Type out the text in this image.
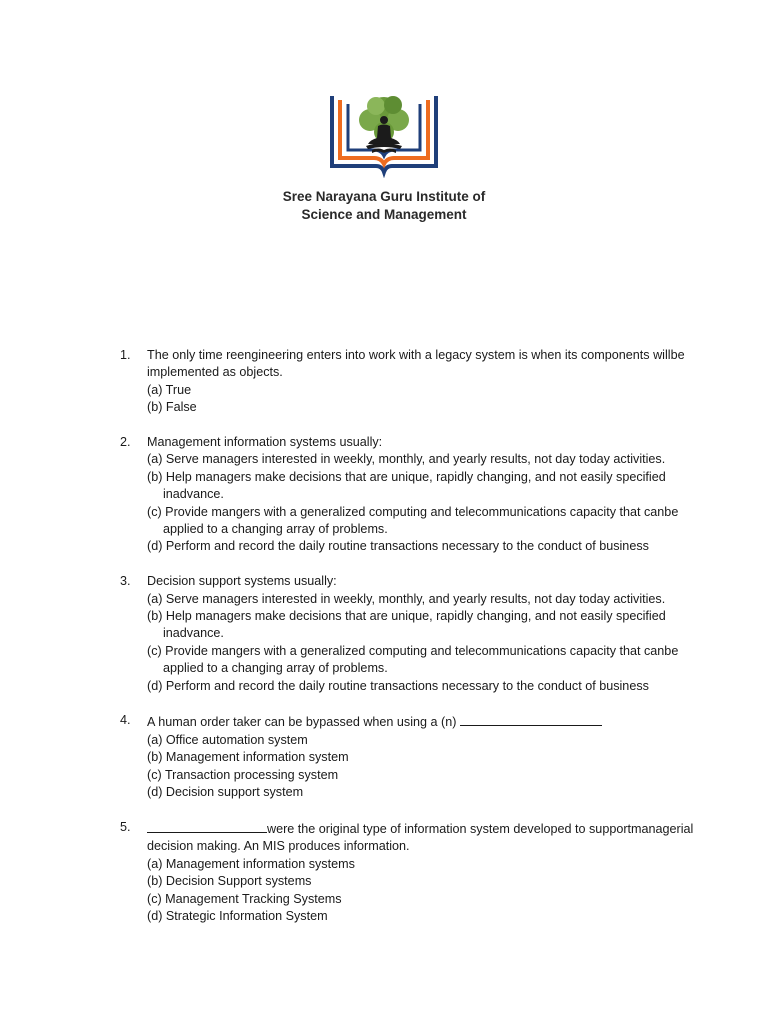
Sree Narayana Guru Institute of
Science and Management
1. The only time reengineering enters into work with a legacy system is when its components willbe implemented as objects.
(a) True
(b) False
2. Management information systems usually:
(a) Serve managers interested in weekly, monthly, and yearly results, not day today activities.
(b) Help managers make decisions that are unique, rapidly changing, and not easily specified inadvance.
(c) Provide mangers with a generalized computing and telecommunications capacity that canbe applied to a changing array of problems.
(d) Perform and record the daily routine transactions necessary to the conduct of business
3. Decision support systems usually:
(a) Serve managers interested in weekly, monthly, and yearly results, not day today activities.
(b) Help managers make decisions that are unique, rapidly changing, and not easily specified inadvance.
(c) Provide mangers with a generalized computing and telecommunications capacity that canbe applied to a changing array of problems.
(d) Perform and record the daily routine transactions necessary to the conduct of business
4. A human order taker can be bypassed when using a (n)
(a) Office automation system
(b) Management information system
(c) Transaction processing system
(d) Decision support system
5.	were the original type of information system developed to supportmanagerial decision making. An MIS produces information.
(a) Management information systems
(b) Decision Support systems
(c) Management Tracking Systems
(d) Strategic Information System
